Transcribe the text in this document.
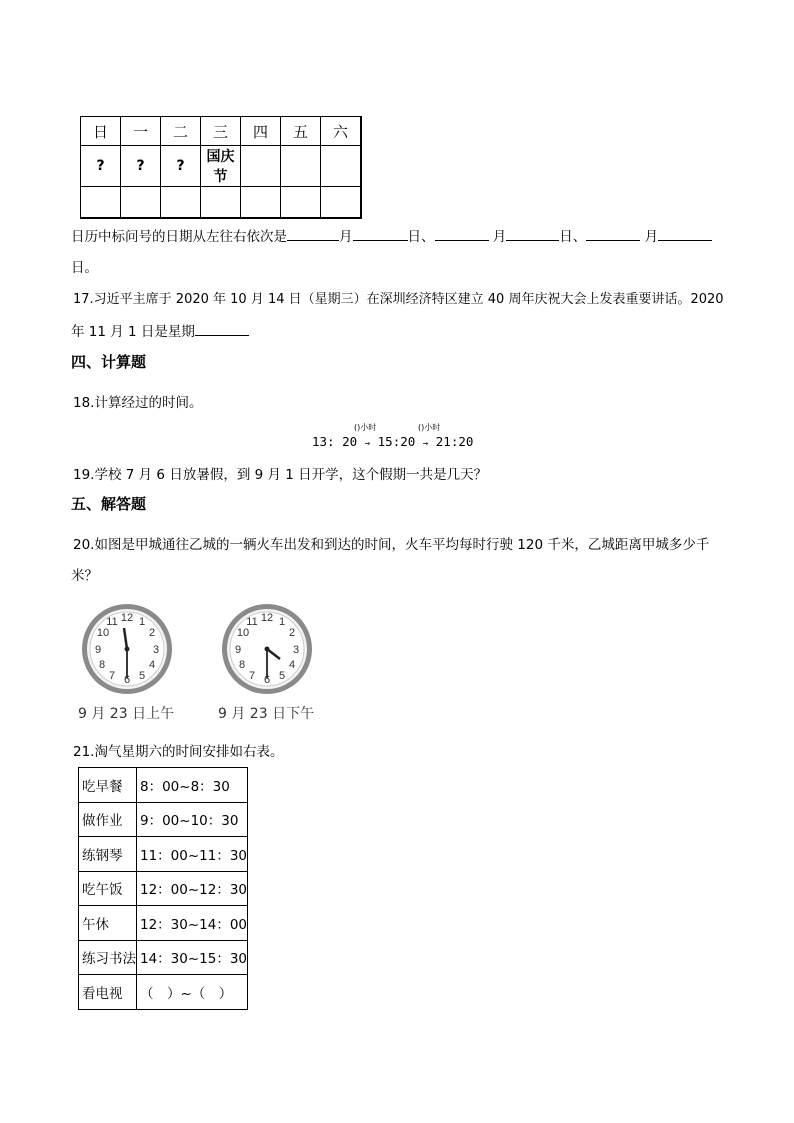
日	一	二	三	四	五	六
?	?	?	国庆节			

日历中标问号的日期从左往右依次是	月	日、	月	日、	月
日。
17.习近平主席于 2020 年 10 月 14 日（星期三）在深圳经济特区建立 40 周年庆祝大会上发表重要讲话。2020
年 11 月 1 日是星期
四、计算题
18.计算经过的时间。
()小时	()小时
13: 20 → 15:20 → 21:20
19.学校 7 月 6 日放暑假，到 9 月 1 日开学，这个假期一共是几天？
五、解答题
20.如图是甲城通往乙城的一辆火车出发和到达的时间，火车平均每时行驶 120 千米，乙城距离甲城多少千
米？
12 1
2
3
4
5
6
7
8
9
10
11
9 月 23 日上午
12 1
2
3
4
5
6
7
8
9
10
11
9 月 23 日下午
21.淘气星期六的时间安排如右表。
吃早餐	8：00~8：30
做作业	9：00~10：30
练钢琴	11：00~11：30
吃午饭	12：00~12：30
午休	12：30~14：00
练习书法	14：30~15：30
看电视	（　）~（　）
